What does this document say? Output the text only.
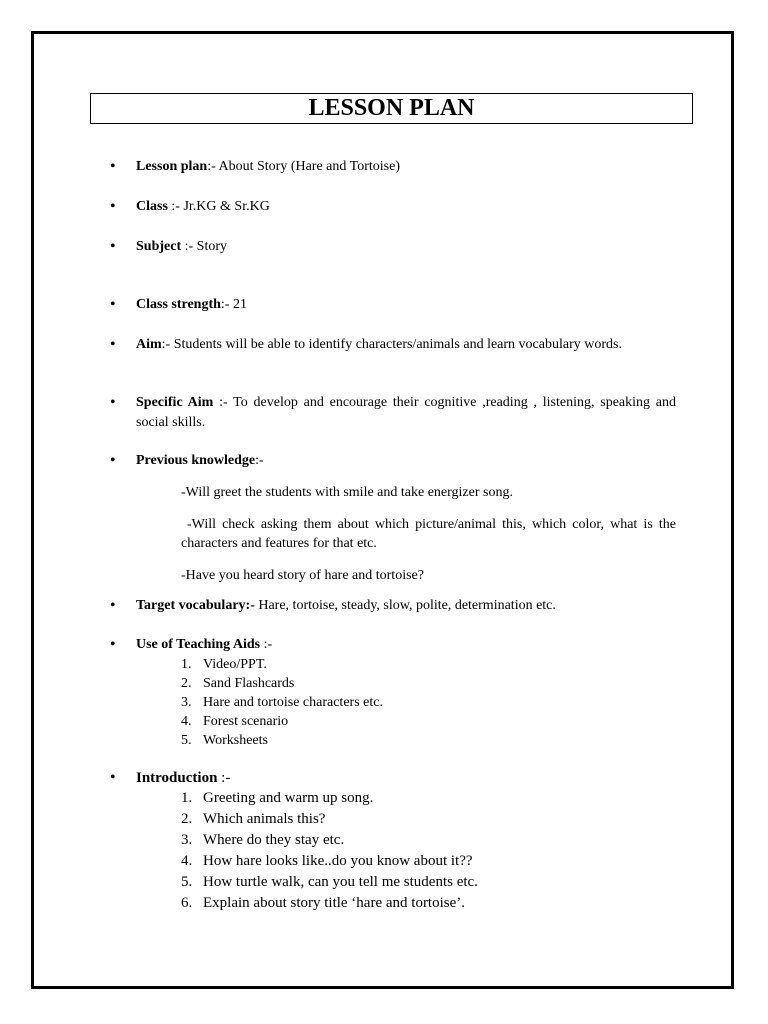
LESSON PLAN
• Lesson plan:- About Story (Hare and Tortoise)
• Class :- Jr.KG & Sr.KG
• Subject :- Story
• Class strength:- 21
• Aim:- Students will be able to identify characters/animals and learn vocabulary words.
• Specific Aim :- To develop and encourage their cognitive ,reading , listening, speaking and social skills.
• Previous knowledge:-
-Will greet the students with smile and take energizer song.
-Will check asking them about which picture/animal this, which color, what is the characters and features for that etc.
-Have you heard story of hare and tortoise?
• Target vocabulary:- Hare, tortoise, steady, slow, polite, determination etc.
• Use of Teaching Aids :-
1. Video/PPT.
2. Sand Flashcards
3. Hare and tortoise characters etc.
4. Forest scenario
5. Worksheets
• Introduction :-
1. Greeting and warm up song.
2. Which animals this?
3. Where do they stay etc.
4. How hare looks like..do you know about it??
5. How turtle walk, can you tell me students etc.
6. Explain about story title ‘hare and tortoise’.
